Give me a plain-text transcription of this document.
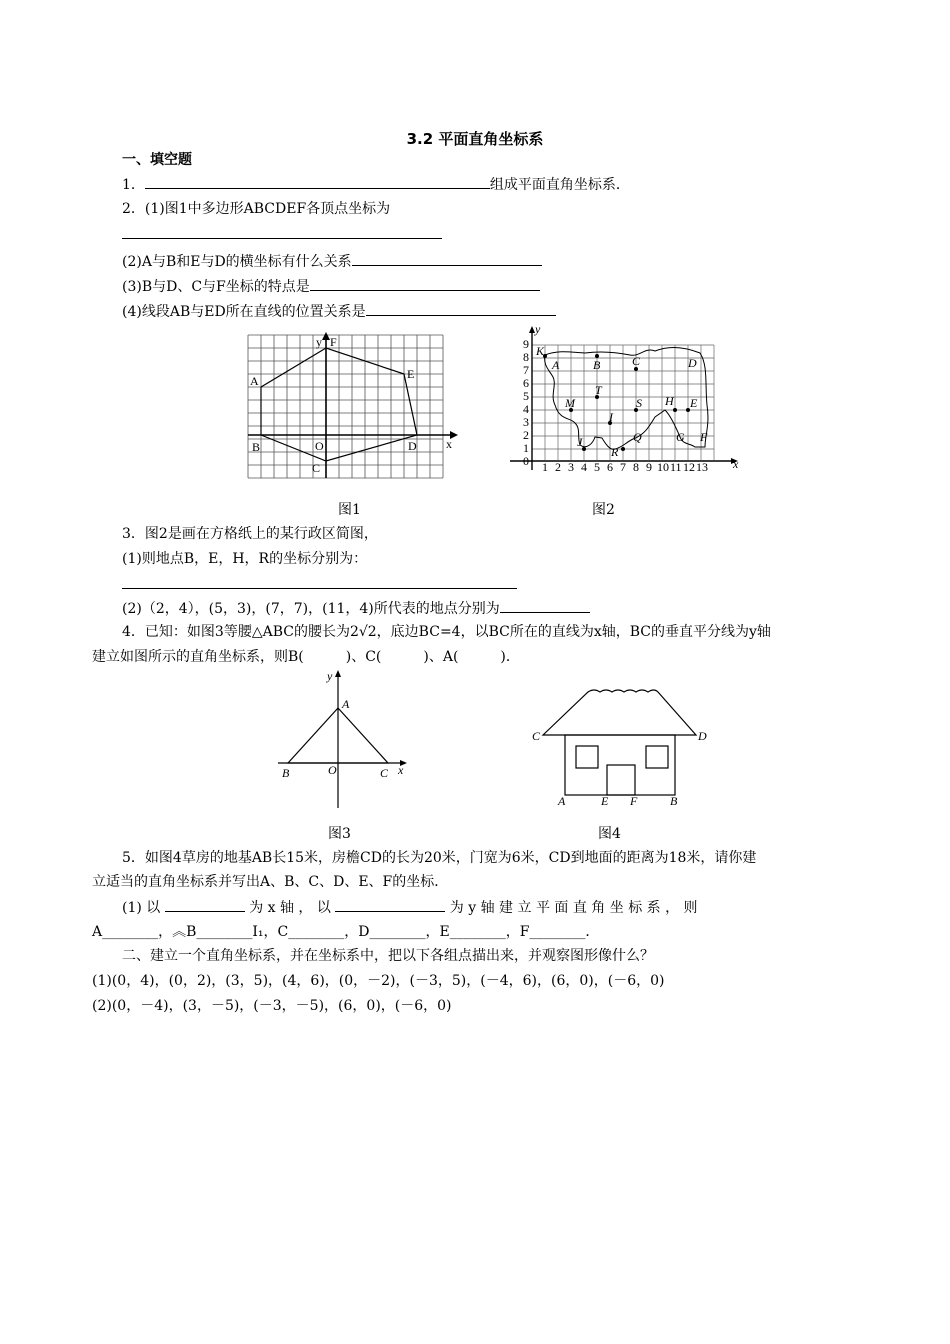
3.2 平面直角坐标系
一、填空题
1．	组成平面直角坐标系．
2．(1)图1中多边形ABCDEF各顶点坐标为
(2)A与B和E与D的横坐标有什么关系
(3)B与D、C与F坐标的特点是
(4)线段AB与ED所在直线的位置关系是
A
B
C
D
E
F
O	x
y
图1
0 1 2 3 4 5 6 7 8 9 10 11 12 13
1
2
3
4
5
6
7
8
9 K
A	B	C	D
T
M	S H E
I
J
R
Q	G F
x
y
图2
3．图2是画在方格纸上的某行政区简图，
(1)则地点B，E，H，R的坐标分别为：
(2)（2，4），(5，3)，(7，7)，(11，4)所代表的地点分别为
4．已知：如图3等腰△ABC的腰长为2√2，底边BC=4，以BC所在的直线为x轴，BC的垂直平分线为y轴
建立如图所示的直角坐标系，则B(　　　)、C(　　　)、A(　　　)．
A
B	C
O	x
y
图3
A	B
C	D
E F
图4
5．如图4草房的地基AB长15米，房檐CD的长为20米，门宽为6米，CD到地面的距离为18米，请你建
立适当的直角坐标系并写出A、B、C、D、E、F的坐标．
(1) 以	为 x 轴 ， 以	为 y 轴 建 立 平 面 直 角 坐 标 系 ， 则
A________，︽B________I₁，C________，D________，E________，F________．
二、建立一个直角坐标系，并在坐标系中，把以下各组点描出来，并观察图形像什么？
(1)(0，4)，(0，2)，(3，5)，(4，6)，(0，－2)，(－3，5)，(－4，6)，(6，0)，(－6，0)
(2)(0，－4)，(3，－5)，(－3，－5)，(6，0)，(－6，0)
